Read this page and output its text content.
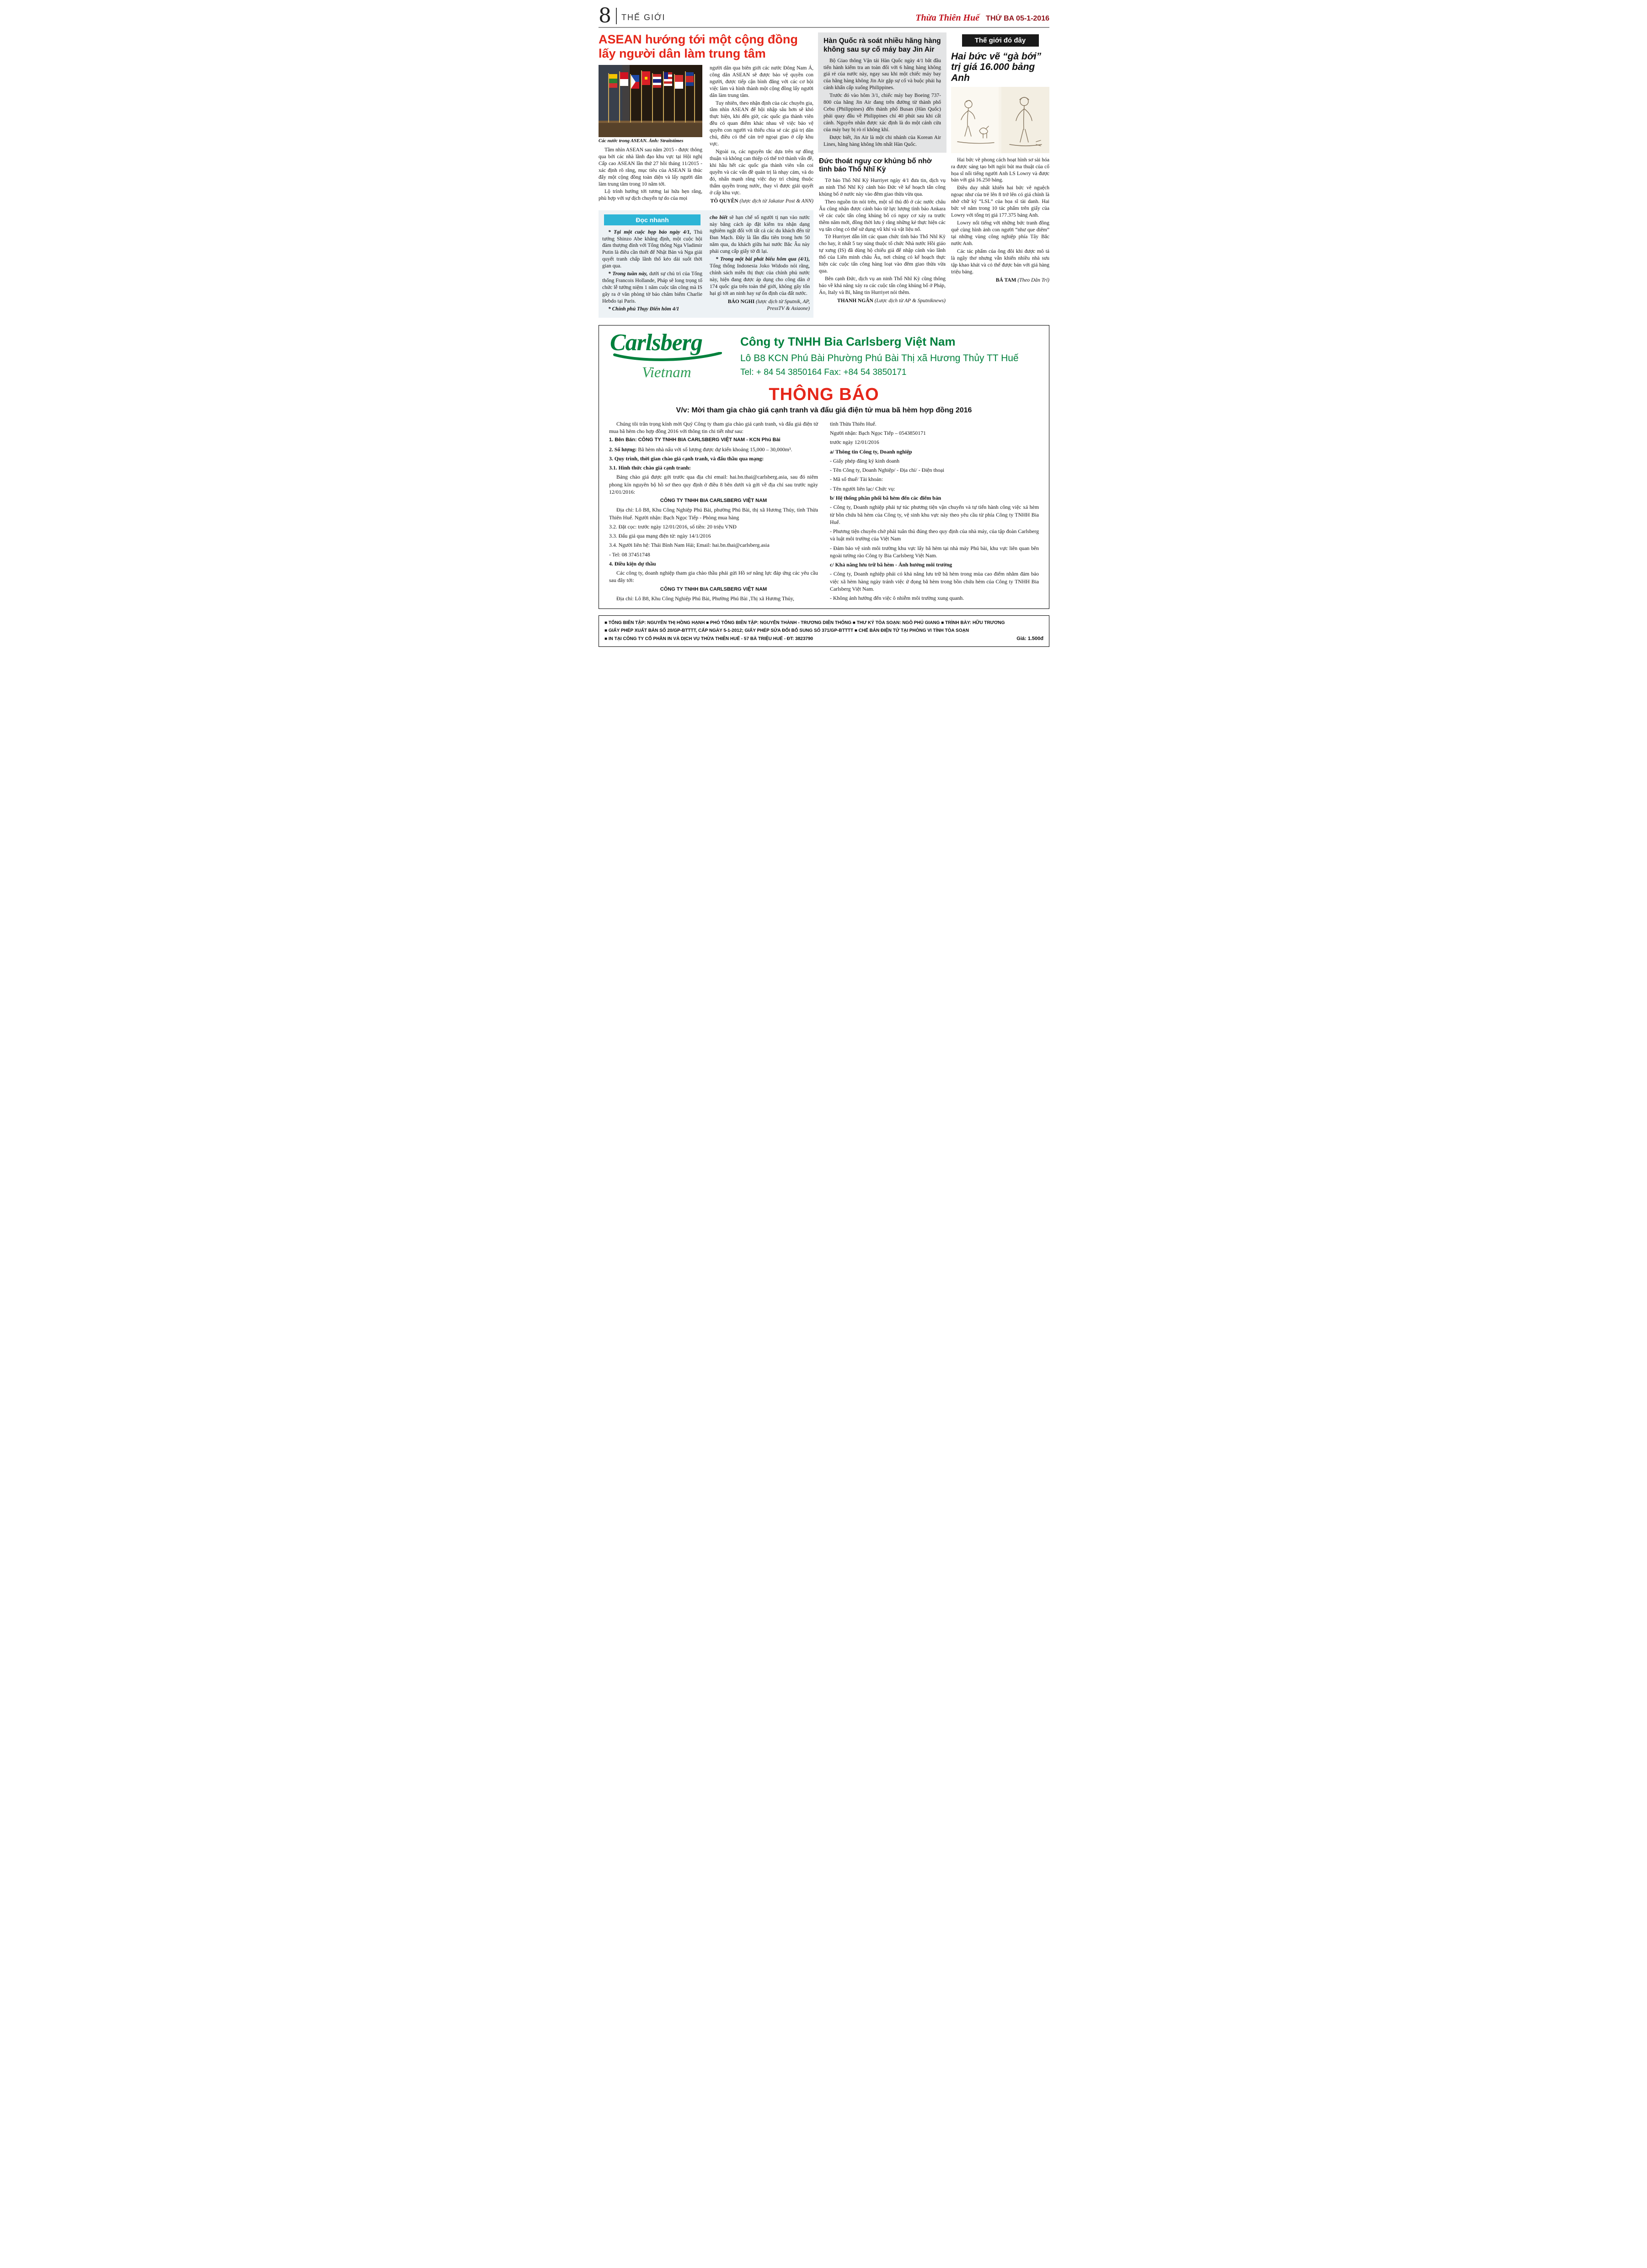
8 THẾ GIỚI	Thừa Thiên Huế THỨ BA 05-1-2016
ASEAN hướng tới một cộng đồng lấy người dân làm trung tâm
Các nước trong ASEAN. Ảnh: Straitstimes

Tầm nhìn ASEAN sau năm 2015 - được thông qua bởi các nhà lãnh đạo khu vực tại Hội nghị Cấp cao ASEAN lần thứ 27 hồi tháng 11/2015 - xác định rõ rằng, mục tiêu của ASEAN là thúc đẩy một cộng đồng toàn diện và lấy người dân làm trung tâm trong 10 năm tới.

Lộ trình hướng tới tương lai hứa hẹn rằng, phù hợp với sự dịch chuyển tự do của mọi

người dân qua biên giới các nước Đông Nam Á, công dân ASEAN sẽ được bảo vệ quyền con người, được tiếp cận bình đẳng với các cơ hội việc làm và hình thành một cộng đồng lấy người dân làm trung tâm.

Tuy nhiên, theo nhận định của các chuyên gia, tầm nhìn ASEAN để hội nhập sâu hơn sẽ khó thực hiện, khi đến giờ, các quốc gia thành viên đều có quan điểm khác nhau về việc bảo vệ quyền con người và thiếu chia sẻ các giá trị dân chủ, điều có thể cản trở ngoại giao ở cấp khu vực.

Ngoài ra, các nguyên tắc dựa trên sự đồng thuận và không can thiệp có thể trở thành vấn đề, khi hầu hết các quốc gia thành viên vẫn coi quyền và các vấn đề quản trị là nhạy cảm, và do đó, nhấn mạnh rằng việc duy trì chúng thuộc thẩm quyền trong nước, thay vì được giải quyết ở cấp khu vực.

TÔ QUYÊN (lược dịch từ Jakatar Post & ANN)
Đọc nhanh

* Tại một cuộc họp báo ngày 4/1, Thủ tướng Shinzo Abe khẳng định, một cuộc hội đàm thượng đỉnh với Tổng thống Nga Vladimir Putin là điều cần thiết để Nhật Bản và Nga giải quyết tranh chấp lãnh thổ kéo dài suốt thời gian qua.

* Trong tuần này, dưới sự chủ trì của Tổng thống Francois Hollande, Pháp sẽ long trọng tổ chức lễ tưởng niệm 1 năm cuộc tấn công mà IS gây ra ở văn phòng tờ báo châm biếm Charlie Hebdo tại Paris.

* Chính phủ Thụy Điển hôm 4/1

cho biết sẽ hạn chế số người tị nạn vào nước này bằng cách áp đặt kiểm tra nhận dạng nghiêm ngặt đối với tất cả các du khách đến từ Đan Mạch. Đây là lần đầu tiên trong hơn 50 năm qua, du khách giữa hai nước Bắc Âu này phải cung cấp giấy tờ đi lại.

* Trong một bài phát biểu hôm qua (4/1), Tổng thống Indonesia Joko Widodo nói rằng, chính sách miễn thị thực của chính phủ nước này, hiện đang được áp dụng cho công dân ở 174 quốc gia trên toàn thế giới, không gây tổn hại gì tới an ninh hay sự ổn định của đất nước.

BẢO NGHI (lược dịch từ Sputnik, AP, PressTV & Asiaone)
Hàn Quốc rà soát nhiều hãng hàng không sau sự cố máy bay Jin Air

Bộ Giao thông Vận tải Hàn Quốc ngày 4/1 bắt đầu tiến hành kiểm tra an toàn đối với 6 hãng hàng không giá rẻ của nước này, ngay sau khi một chiếc máy bay của hãng hàng không Jin Air gặp sự cố và buộc phải hạ cánh khẩn cấp xuống Philippines.

Trước đó vào hôm 3/1, chiếc máy bay Boeing 737-800 của hãng Jin Air đang trên đường từ thành phố Cebu (Philippines) đến thành phố Busan (Hàn Quốc) phải quay đầu về Philippines chỉ 40 phút sau khi cất cánh. Nguyên nhân được xác định là do một cánh cửa của máy bay bị rò rỉ không khí.

Được biết, Jin Air là một chi nhánh của Korean Air Lines, hãng hàng không lớn nhất Hàn Quốc.

Đức thoát nguy cơ khủng bố nhờ tình báo Thổ Nhĩ Kỳ

Tờ báo Thổ Nhĩ Kỳ Hurriyet ngày 4/1 đưa tin, dịch vụ an ninh Thổ Nhĩ Kỳ cảnh báo Đức về kế hoạch tấn công khủng bố ở nước này vào đêm giao thừa vừa qua.

Theo nguồn tin nói trên, một số thủ đô ở các nước châu Âu cũng nhận được cảnh báo từ lực lượng tình báo Ankara về các cuộc tấn công khủng bố có nguy cơ xảy ra trước thềm năm mới, đồng thời lưu ý rằng những kẻ thực hiện các vụ tấn công có thể sử dụng vũ khí và vật liệu nổ.

Tờ Hurriyet dẫn lời các quan chức tình báo Thổ Nhĩ Kỳ cho hay, ít nhất 5 tay súng thuộc tổ chức Nhà nước Hồi giáo tự xưng (IS) đã dùng hộ chiếu giả để nhập cảnh vào lãnh thổ của Liên minh châu Âu, nơi chúng có kế hoạch thực hiện các cuộc tấn công hàng loạt vào đêm giao thừa vừa qua.

Bên cạnh Đức, dịch vụ an ninh Thổ Nhĩ Kỳ cũng thông báo về khả năng xảy ra các cuộc tấn công khủng bố ở Pháp, Áo, Italy và Bỉ, hãng tin Hurriyet nói thêm.

THANH NGÂN (Lược dịch từ AP & Sputniknews)
Thế giới đó đây
Hai bức vẽ “gà bới” trị giá 16.000 bảng Anh

Hai bức vẽ phong cách hoạt hình sơ sài hóa ra được sáng tạo bởi ngòi bút ma thuật của cố họa sĩ nổi tiếng người Anh LS Lowry và được bán với giá 16.250 bảng.

Điều duy nhất khiến hai bức vẽ nguệch ngoạc như của trẻ lên 8 trở lên có giá chính là nhờ chữ ký “LSL” của họa sĩ tài danh. Hai bức vẽ nằm trong 10 tác phẩm trên giấy của Lowry với tổng trị giá 177.375 bảng Anh.

Lowry nổi tiếng với những bức tranh đồng quê cùng hình ảnh con người “như que diêm” tại những vùng công nghiệp phía Tây Bắc nước Anh.

Các tác phẩm của ông đôi khi được mô tả là ngây thơ nhưng vẫn khiến nhiều nhà sưu tập khao khát và có thể được bán với giá hàng triệu bảng.

BÁ TAM (Theo Dân Trí)
Carlsberg
Vietnam
Công ty TNHH Bia Carlsberg Việt Nam
Lô B8 KCN Phú Bài Phường Phú Bài Thị xã Hương Thủy TT Huế
Tel: + 84 54 3850164 Fax: +84 54 3850171
THÔNG BÁO
V/v: Mời tham gia chào giá cạnh tranh và đấu giá điện tử mua bã hèm hợp đồng 2016

Chúng tôi trân trọng kính mời Quý Công ty tham gia chào giá cạnh tranh, và đấu giá điện tử mua bã hèm cho hợp đồng 2016 với thông tin chi tiết như sau:

1. Bên Bán: CÔNG TY TNHH BIA CARLSBERG VIỆT NAM - KCN Phú Bài

2. Số lượng: Bã hèm nhà nấu với số lượng được dự kiến khoảng 15,000 – 30,000m³.

3. Quy trình, thời gian chào giá cạnh tranh, và đấu thầu qua mạng:

3.1. Hình thức chào giá cạnh tranh:

Bảng chào giá được gởi trước qua địa chỉ email: hai.bn.thai@carlsberg.asia, sau đó niêm phong kín nguyên bộ hồ sơ theo quy định ở điều 8 bên dưới và gởi về địa chỉ sau trước ngày 12/01/2016:

CÔNG TY TNHH BIA CARLSBERG VIỆT NAM

Địa chỉ: Lô B8, Khu Công Nghiệp Phú Bài, phường Phú Bài, thị xã Hương Thủy, tỉnh Thừa Thiên Huế. Người nhận: Bạch Ngọc Tiếp - Phòng mua hàng

3.2. Đặt cọc: trước ngày 12/01/2016, số tiền: 20 triệu VNĐ

3.3. Đấu giá qua mạng điện tử: ngày 14/1/2016

3.4. Người liên hệ: Thái Bình Nam Hải; Email: hai.bn.thai@carlsberg.asia

- Tel: 08 37451748

4. Điều kiện dự thầu

Các công ty, doanh nghiệp tham gia chào thầu phải gửi Hồ sơ năng lực đáp ứng các yêu cầu sau đây tới:

CÔNG TY TNHH BIA CARLSBERG VIỆT NAM

Địa chỉ: Lô B8, Khu Công Nghiệp Phú Bài, Phường Phú Bài ,Thị xã Hương Thủy,

tỉnh Thừa Thiên Huế.

Người nhận: Bạch Ngọc Tiếp – 0543850171

trước ngày 12/01/2016

a/ Thông tin Công ty, Doanh nghiệp

- Giấy phép đăng ký kinh doanh

- Tên Công ty, Doanh Nghiệp/ - Địa chỉ/ - Điện thoại

- Mã số thuế/ Tài khoản:

- Tên người liên lạc/ Chức vụ:

b/ Hệ thống phân phối bã hèm đến các điểm bán

- Công ty, Doanh nghiệp phải tự túc phương tiện vận chuyển và tự tiến hành công việc xả hèm từ bồn chứa bã hèm của Công ty, vệ sinh khu vực này theo yêu cầu từ phía Công ty TNHH Bia Huế.

- Phương tiện chuyên chở phải tuân thủ đúng theo quy định của nhà máy, của tập đoàn Carlsberg và luật môi trường của Việt Nam

- Đảm bảo vệ sinh môi trường khu vực lấy bã hèm tại nhà máy Phú bài, khu vực liên quan bên ngoài tường rào Công ty Bia Carlsberg Việt Nam.

c/ Khả năng lưu trữ bã hèm - Ảnh hưởng môi trường

- Công ty, Doanh nghiệp phải có khả năng lưu trữ bã hèm trong mùa cao điểm nhằm đảm bảo việc xã hèm hàng ngày tránh việc ứ đọng bã hèm trong bồn chứa hèm của Công ty TNHH Bia Carlsberg Việt Nam.

- Không ảnh hưởng đến việc ô nhiễm môi trường xung quanh.

■ TỔNG BIÊN TẬP: NGUYỄN THỊ HỒNG HẠNH ■ PHÓ TỔNG BIÊN TẬP: NGUYỄN THÀNH - TRƯƠNG DIÊN THỐNG ■ THƯ KÝ TÒA SOẠN: NGÔ PHÚ GIANG ■ TRÌNH BÀY: HỮU TRƯƠNG
■ GIẤY PHÉP XUẤT BẢN SỐ 20/GP-BTTTT, CẤP NGÀY 5-1-2012; GIẤY PHÉP SỬA ĐỔI BỔ SUNG SỐ 371/GP-BTTTT ■ CHẾ BẢN ĐIỆN TỬ TẠI PHÒNG VI TÍNH TÒA SOẠN
■ IN TẠI CÔNG TY CỔ PHẦN IN VÀ DỊCH VỤ THỪA THIÊN HUẾ - 57 BÀ TRIỆU HUẾ - ĐT: 3823790	Giá: 1.500đ
